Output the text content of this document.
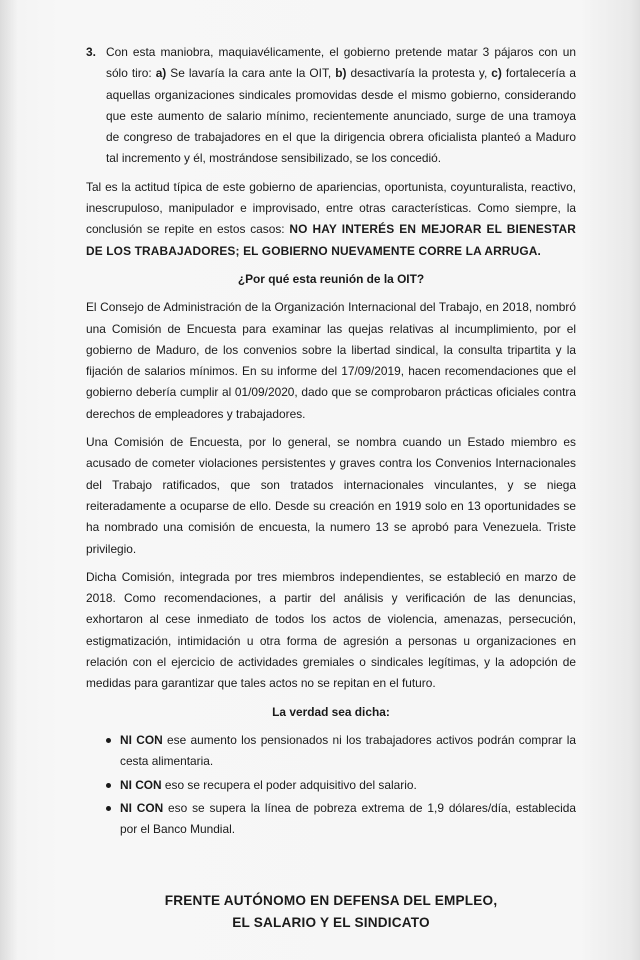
3. Con esta maniobra, maquiavélicamente, el gobierno pretende matar 3 pájaros con un sólo tiro: a) Se lavaría la cara ante la OIT, b) desactivaría la protesta y, c) fortalecería a aquellas organizaciones sindicales promovidas desde el mismo gobierno, considerando que este aumento de salario mínimo, recientemente anunciado, surge de una tramoya de congreso de trabajadores en el que la dirigencia obrera oficialista planteó a Maduro tal incremento y él, mostrándose sensibilizado, se los concedió.

Tal es la actitud típica de este gobierno de apariencias, oportunista, coyunturalista, reactivo, inescrupuloso, manipulador e improvisado, entre otras características. Como siempre, la conclusión se repite en estos casos: NO HAY INTERÉS EN MEJORAR EL BIENESTAR DE LOS TRABAJADORES; EL GOBIERNO NUEVAMENTE CORRE LA ARRUGA.

¿Por qué esta reunión de la OIT?

El Consejo de Administración de la Organización Internacional del Trabajo, en 2018, nombró una Comisión de Encuesta para examinar las quejas relativas al incumplimiento, por el gobierno de Maduro, de los convenios sobre la libertad sindical, la consulta tripartita y la fijación de salarios mínimos. En su informe del 17/09/2019, hacen recomendaciones que el gobierno debería cumplir al 01/09/2020, dado que se comprobaron prácticas oficiales contra derechos de empleadores y trabajadores.

Una Comisión de Encuesta, por lo general, se nombra cuando un Estado miembro es acusado de cometer violaciones persistentes y graves contra los Convenios Internacionales del Trabajo ratificados, que son tratados internacionales vinculantes, y se niega reiteradamente a ocuparse de ello. Desde su creación en 1919 solo en 13 oportunidades se ha nombrado una comisión de encuesta, la numero 13 se aprobó para Venezuela. Triste privilegio.

Dicha Comisión, integrada por tres miembros independientes, se estableció en marzo de 2018. Como recomendaciones, a partir del análisis y verificación de las denuncias, exhortaron al cese inmediato de todos los actos de violencia, amenazas, persecución, estigmatización, intimidación u otra forma de agresión a personas u organizaciones en relación con el ejercicio de actividades gremiales o sindicales legítimas, y la adopción de medidas para garantizar que tales actos no se repitan en el futuro.

La verdad sea dicha:
NI CON ese aumento los pensionados ni los trabajadores activos podrán comprar la cesta alimentaria.
NI CON eso se recupera el poder adquisitivo del salario.
NI CON eso se supera la línea de pobreza extrema de 1,9 dólares/día, establecida por el Banco Mundial.
FRENTE AUTÓNOMO EN DEFENSA DEL EMPLEO,
EL SALARIO Y EL SINDICATO
